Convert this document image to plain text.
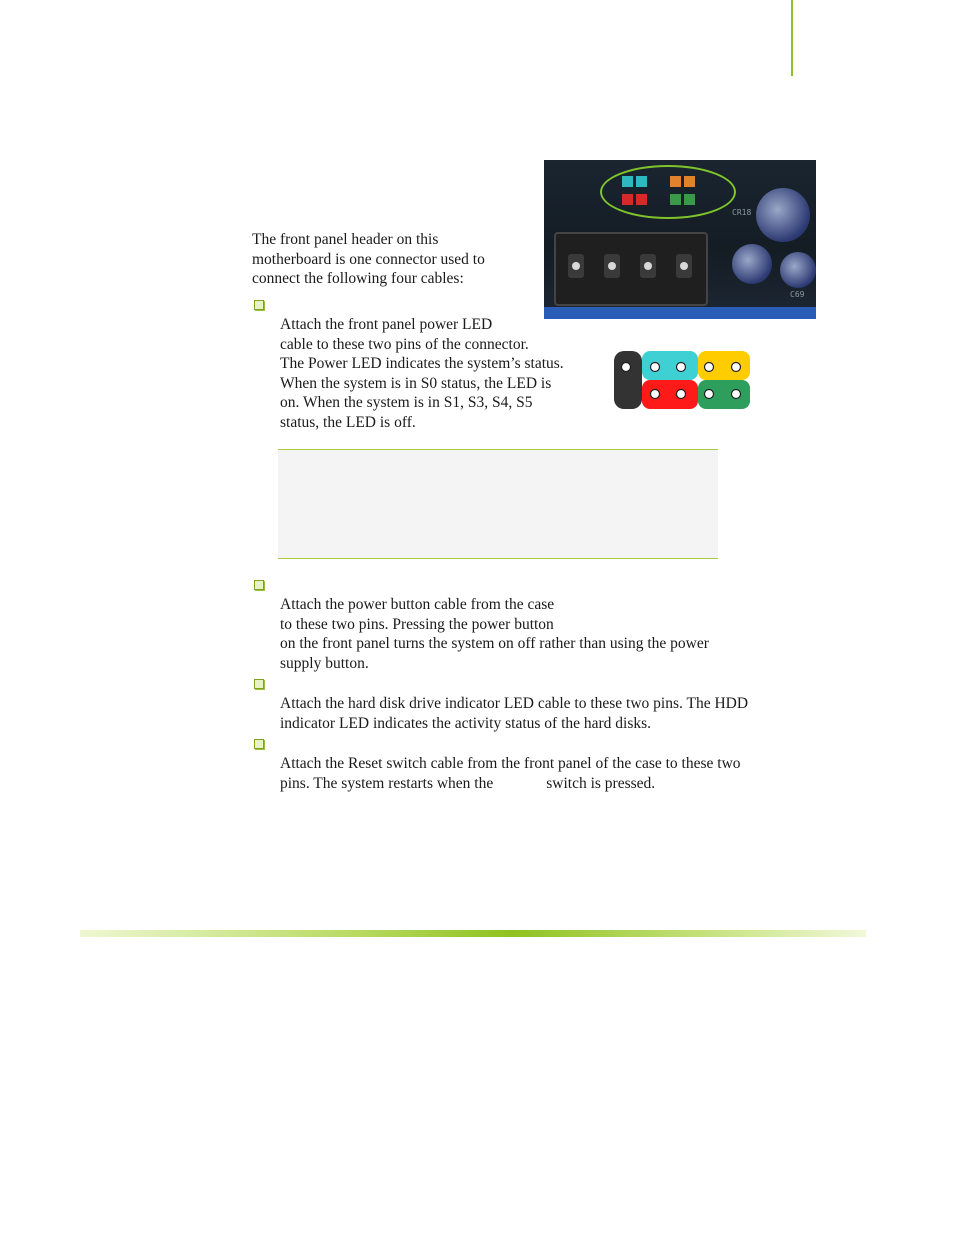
CR18
C69

The front panel header on this

motherboard is one connector used to

connect the following four cables:

Attach the front panel power LED

cable to these two pins of the connector.

The Power LED indicates the system’s status.

When the system is in S0 status, the LED is

on. When the system is in S1, S3, S4, S5

status, the LED is off.

Attach the power button cable from the case

to these two pins. Pressing the power button

on the front panel turns the system on off rather than using the power

supply button.

Attach the hard disk drive indicator LED cable to these two pins. The HDD

indicator LED indicates the activity status of the hard disks.

Attach the Reset switch cable from the front panel of the case to these two

pins. The system restarts when the	switch is pressed.
